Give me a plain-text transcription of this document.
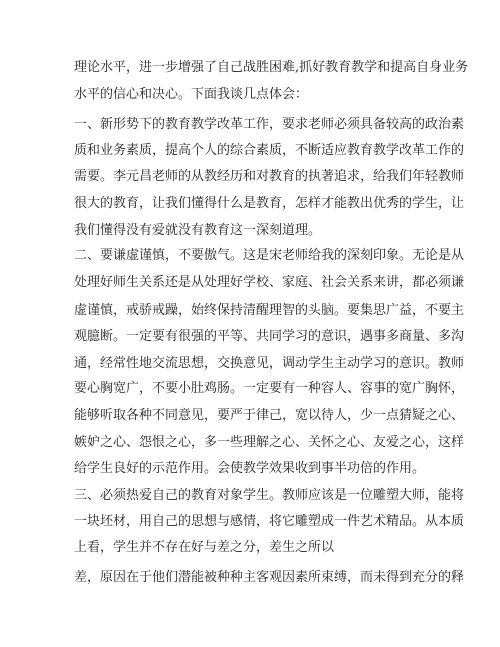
理论水平，进一步增强了自己战胜困难,抓好教育教学和提高自身业务
水平的信心和决心。下面我谈几点体会：
一、新形势下的教育教学改革工作，要求老师必须具备较高的政治素
质和业务素质，提高个人的综合素质，不断适应教育教学改革工作的
需要。李元昌老师的从教经历和对教育的执著追求，给我们年轻教师
很大的教育，让我们懂得什么是教育，怎样才能教出优秀的学生，让
我们懂得没有爱就没有教育这一深刻道理。
二、要谦虚谨慎，不要傲气。这是宋老师给我的深刻印象。无论是从
处理好师生关系还是从处理好学校、家庭、社会关系来讲，都必须谦
虚谨慎，戒骄戒躁，始终保持清醒理智的头脑。要集思广益，不要主
观臆断。一定要有很强的平等、共同学习的意识，遇事多商量、多沟
通，经常性地交流思想，交换意见，调动学生主动学习的意识。教师
要心胸宽广，不要小肚鸡肠。一定要有一种容人、容事的宽广胸怀，
能够听取各种不同意见，要严于律己，宽以待人，少一点猜疑之心、
嫉妒之心、怨恨之心，多一些理解之心、关怀之心、友爱之心，这样
给学生良好的示范作用。会使教学效果收到事半功倍的作用。
三、必须热爱自己的教育对象学生。教师应该是一位雕塑大师，能将
一块坯材，用自己的思想与感情，将它雕塑成一件艺术精品。从本质
上看，学生并不存在好与差之分，差生之所以
差，原因在于他们潜能被种种主客观因素所束缚，而未得到充分的释
